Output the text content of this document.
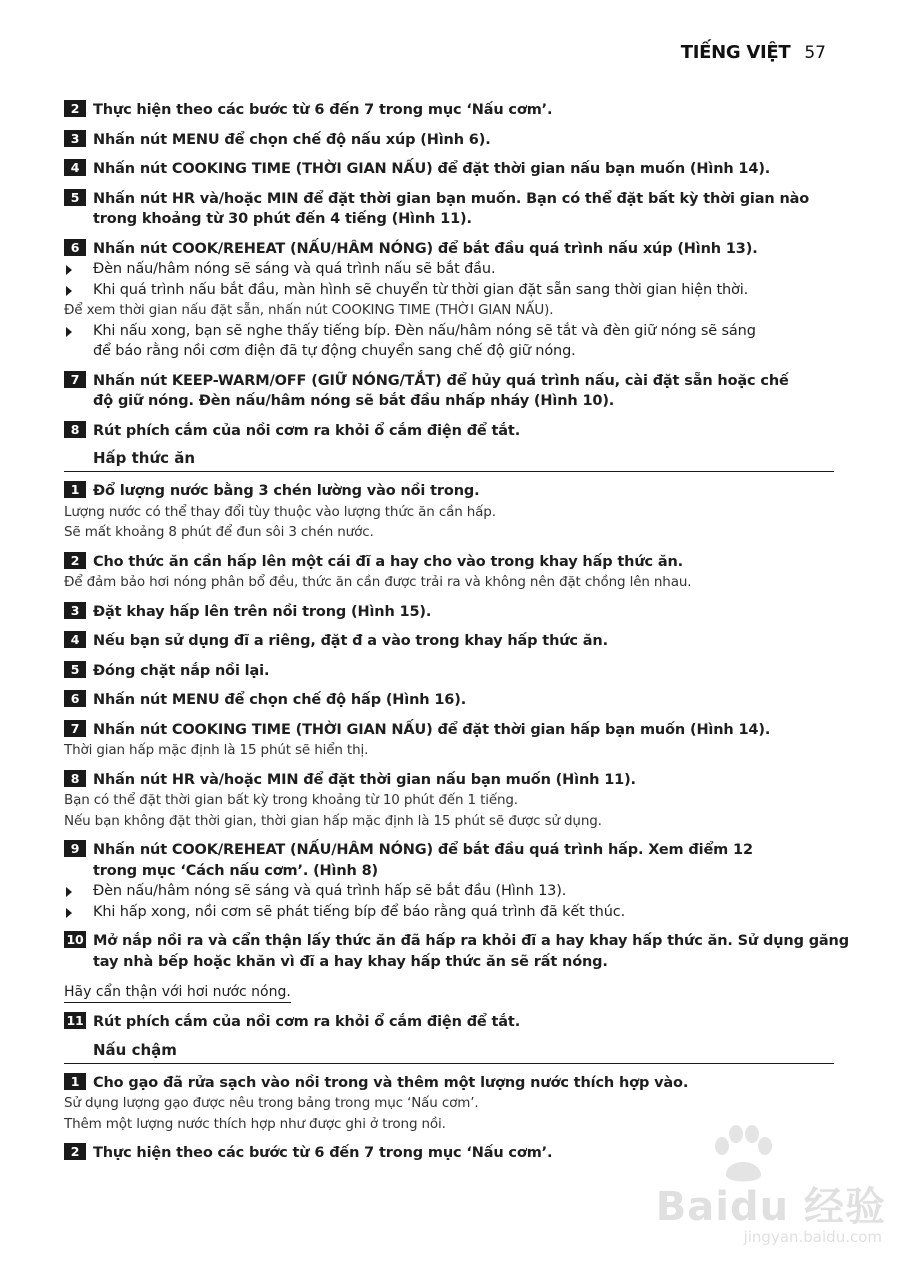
TIẾNG VIỆT 57
2 Thực hiện theo các bước từ 6 đến 7 trong mục ‘Nấu cơm’.
3 Nhấn nút MENU để chọn chế độ nấu xúp (Hình 6).
4 Nhấn nút COOKING TIME (THỜI GIAN NẤU) để đặt thời gian nấu bạn muốn (Hình 14).
5 Nhấn nút HR và/hoặc MIN để đặt thời gian bạn muốn. Bạn có thể đặt bất kỳ thời gian nào
trong khoảng từ 30 phút đến 4 tiếng (Hình 11).
6 Nhấn nút COOK/REHEAT (NẤU/HÂM NÓNG) để bắt đầu quá trình nấu xúp (Hình 13).
Đèn nấu/hâm nóng sẽ sáng và quá trình nấu sẽ bắt đầu.
Khi quá trình nấu bắt đầu, màn hình sẽ chuyển từ thời gian đặt sẵn sang thời gian hiện thời.
Để xem thời gian nấu đặt sẵn, nhấn nút COOKING TIME (THỜI GIAN NẤU).
Khi nấu xong, bạn sẽ nghe thấy tiếng bíp. Đèn nấu/hâm nóng sẽ tắt và đèn giữ nóng sẽ sáng
để báo rằng nồi cơm điện đã tự động chuyển sang chế độ giữ nóng.
7 Nhấn nút KEEP-WARM/OFF (GIỮ NÓNG/TẮT) để hủy quá trình nấu, cài đặt sẵn hoặc chế
độ giữ nóng. Đèn nấu/hâm nóng sẽ bắt đầu nhấp nháy (Hình 10).
8 Rút phích cắm của nồi cơm ra khỏi ổ cắm điện để tắt.
Hấp thức ăn
1 Đổ lượng nước bằng 3 chén lường vào nồi trong.
Lượng nước có thể thay đổi tùy thuộc vào lượng thức ăn cần hấp.
Sẽ mất khoảng 8 phút để đun sôi 3 chén nước.
2 Cho thức ăn cần hấp lên một cái đĩ a hay cho vào trong khay hấp thức ăn.
Để đảm bảo hơi nóng phân bổ đều, thức ăn cần được trải ra và không nên đặt chồng lên nhau.
3 Đặt khay hấp lên trên nồi trong (Hình 15).
4 Nếu bạn sử dụng đĩ a riêng, đặt đ a vào trong khay hấp thức ăn.
5 Đóng chặt nắp nồi lại.
6 Nhấn nút MENU để chọn chế độ hấp (Hình 16).
7 Nhấn nút COOKING TIME (THỜI GIAN NẤU) để đặt thời gian hấp bạn muốn (Hình 14).
Thời gian hấp mặc định là 15 phút sẽ hiển thị.
8 Nhấn nút HR và/hoặc MIN để đặt thời gian nấu bạn muốn (Hình 11).
Bạn có thể đặt thời gian bất kỳ trong khoảng từ 10 phút đến 1 tiếng.
Nếu bạn không đặt thời gian, thời gian hấp mặc định là 15 phút sẽ được sử dụng.
9 Nhấn nút COOK/REHEAT (NẤU/HÂM NÓNG) để bắt đầu quá trình hấp. Xem điểm 12
trong mục ‘Cách nấu cơm’. (Hình 8)
Đèn nấu/hâm nóng sẽ sáng và quá trình hấp sẽ bắt đầu (Hình 13).
Khi hấp xong, nồi cơm sẽ phát tiếng bíp để báo rằng quá trình đã kết thúc.
10 Mở nắp nồi ra và cẩn thận lấy thức ăn đã hấp ra khỏi đĩ a hay khay hấp thức ăn. Sử dụng găng
tay nhà bếp hoặc khăn vì đĩ a hay khay hấp thức ăn sẽ rất nóng.
Hãy cẩn thận với hơi nước nóng.
11 Rút phích cắm của nồi cơm ra khỏi ổ cắm điện để tắt.
Nấu chậm
1 Cho gạo đã rửa sạch vào nồi trong và thêm một lượng nước thích hợp vào.
Sử dụng lượng gạo được nêu trong bảng trong mục ‘Nấu cơm’.
Thêm một lượng nước thích hợp như được ghi ở trong nồi.
2 Thực hiện theo các bước từ 6 đến 7 trong mục ‘Nấu cơm’.
Baidu 经验
jingyan.baidu.com
